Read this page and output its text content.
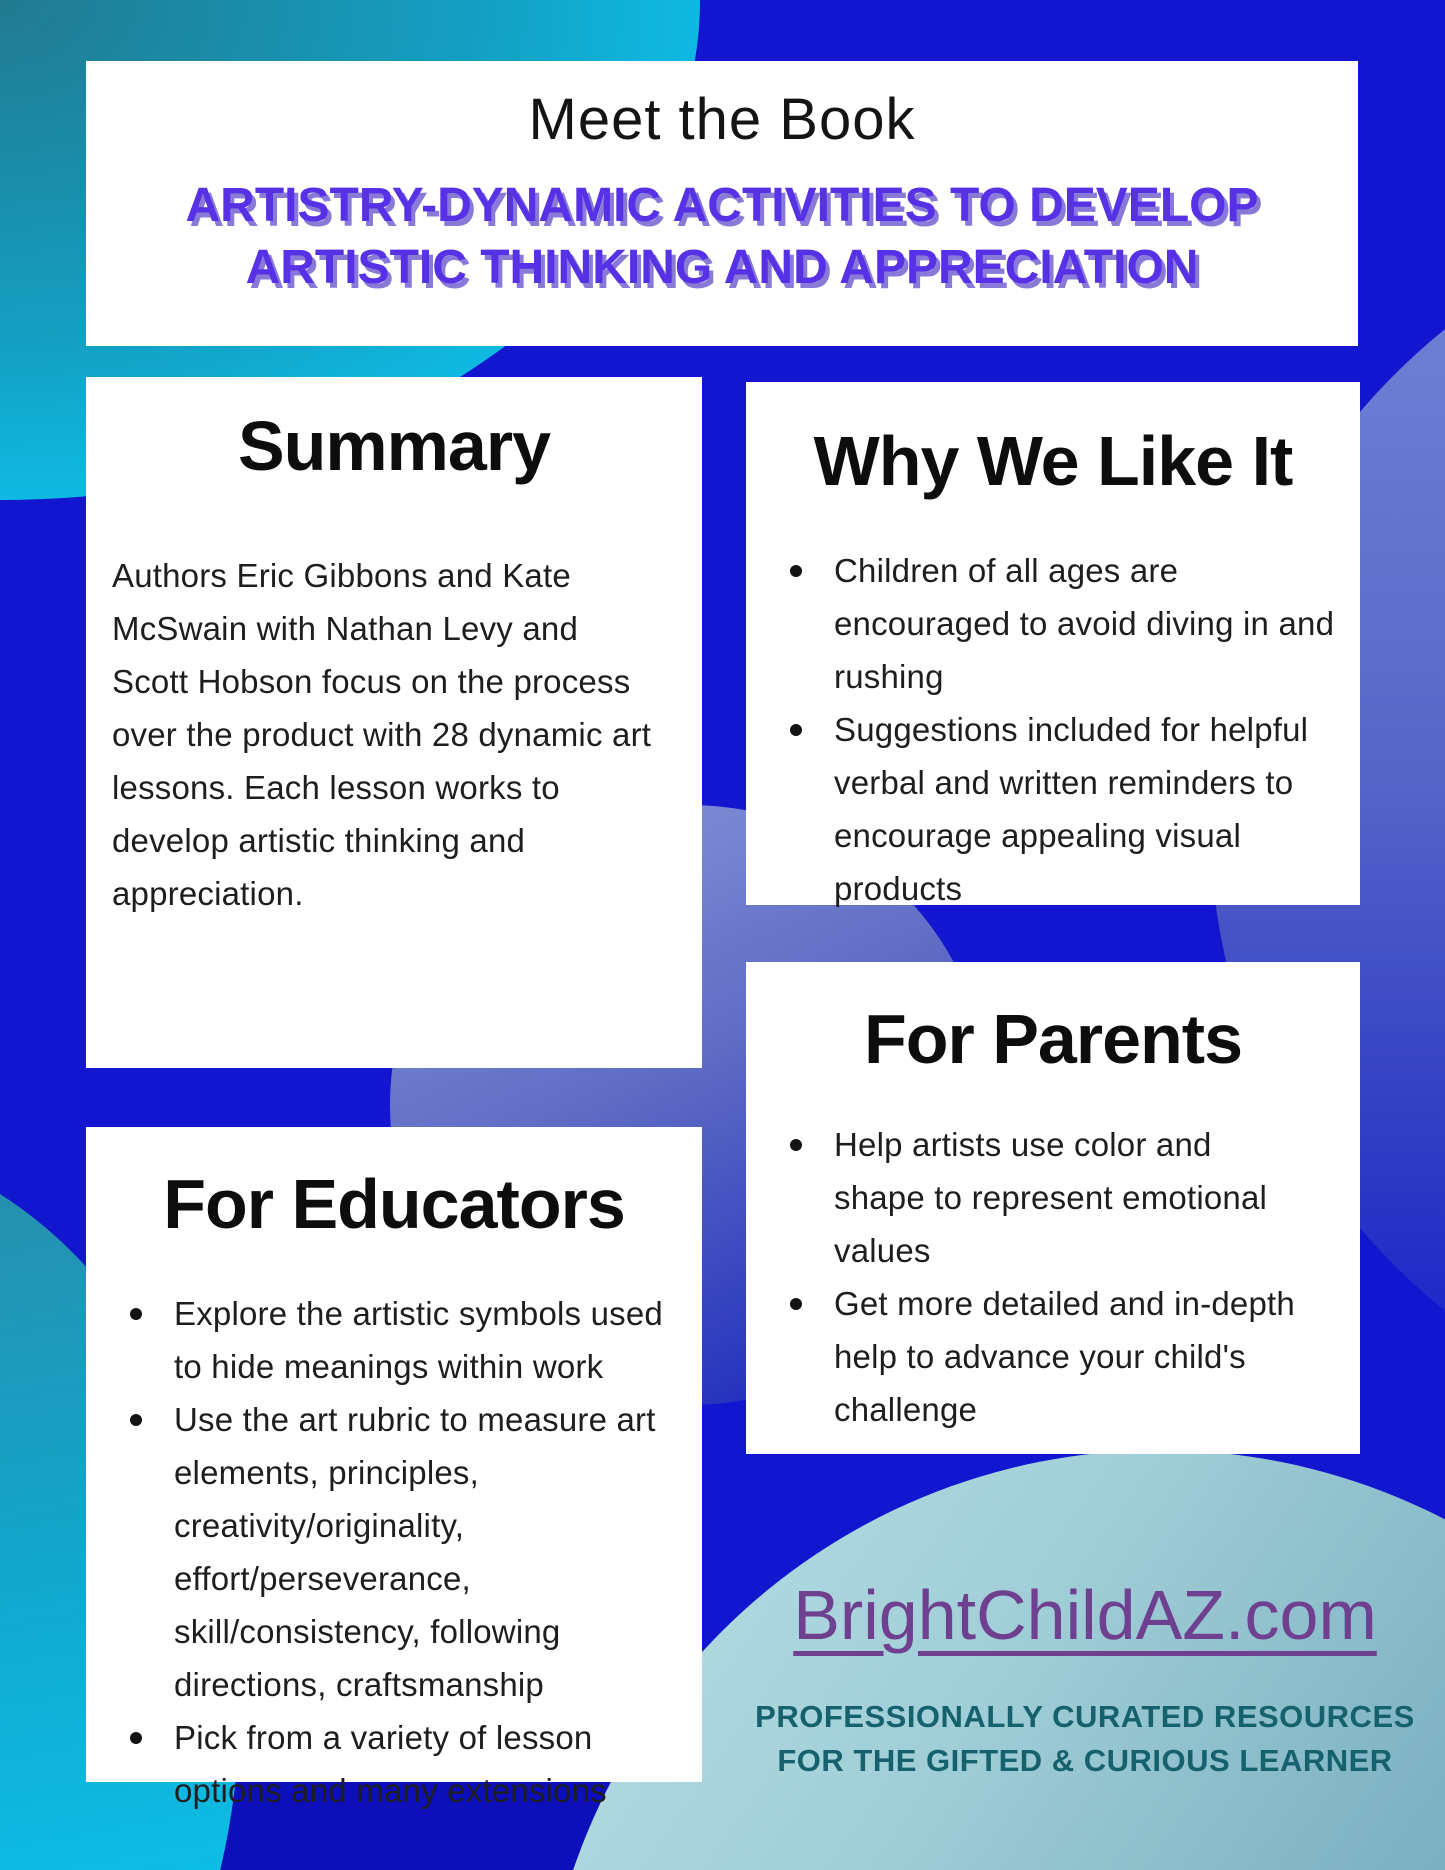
Meet the Book
ARTISTRY-DYNAMIC ACTIVITIES TO DEVELOP
ARTISTIC THINKING AND APPRECIATION
Summary

Authors Eric Gibbons and Kate McSwain with Nathan Levy and Scott Hobson focus on the process over the product with 28 dynamic art lessons. Each lesson works to develop artistic thinking and appreciation.

Why We Like It
Children of all ages are encouraged to avoid diving in and rushing
Suggestions included for helpful verbal and written reminders to encourage appealing visual products
For Parents
Help artists use color and shape to represent emotional values
Get more detailed and in-depth help to advance your child's challenge
For Educators
Explore the artistic symbols used to hide meanings within work
Use the art rubric to measure art elements, principles, creativity/originality, effort/perseverance, skill/consistency, following directions, craftsmanship
Pick from a variety of lesson options and many extensions
BrightChildAZ.com
PROFESSIONALLY CURATED RESOURCES
FOR THE GIFTED & CURIOUS LEARNER
